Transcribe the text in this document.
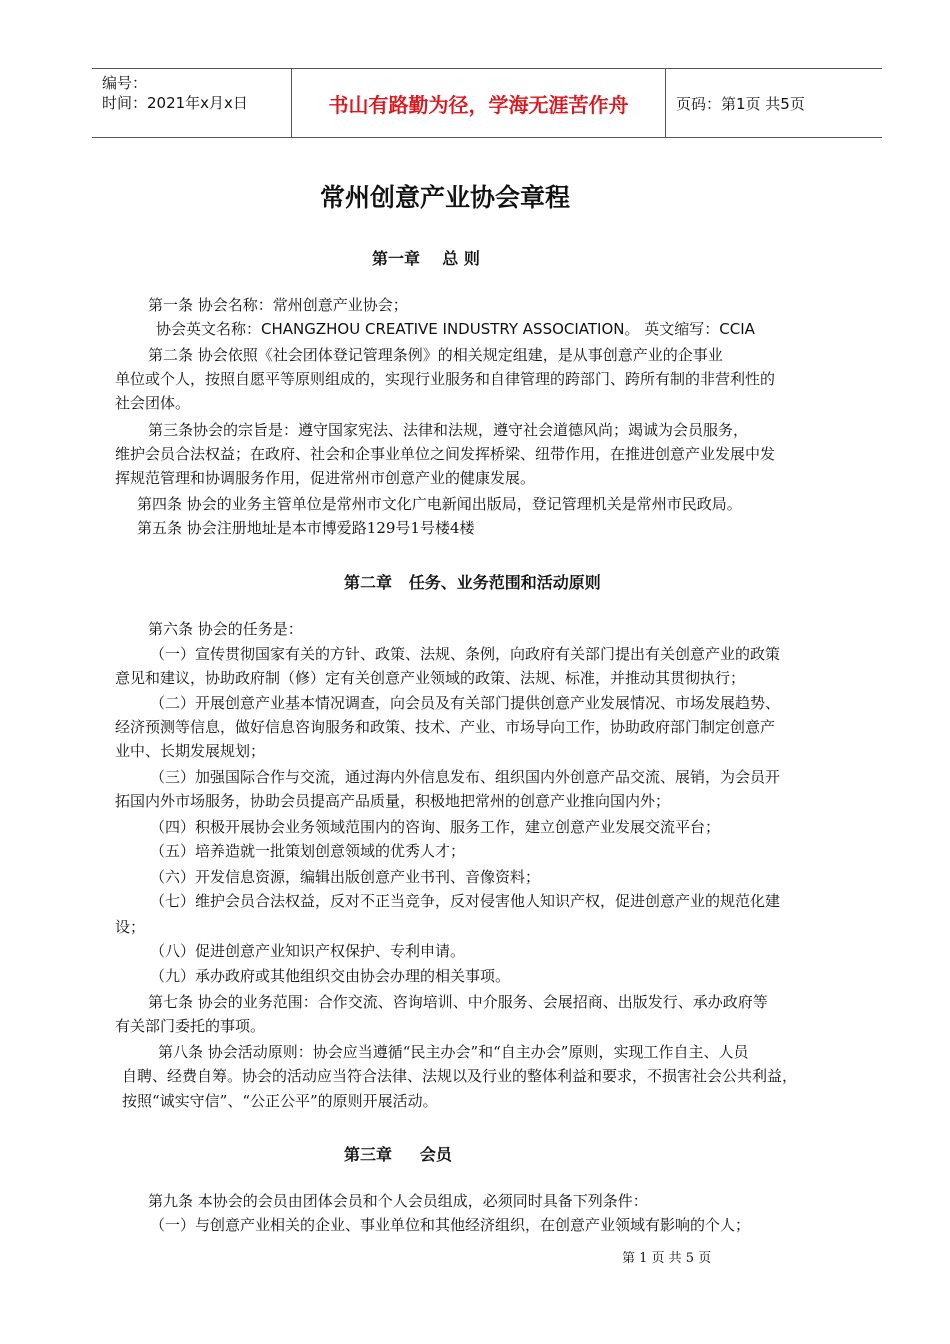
编号：
时间：2021年x月x日	书山有路勤为径，学海无涯苦作舟	页码：第1页 共5页
常州创意产业协会章程
第一章    总 则
第一条 协会名称：常州创意产业协会；
协会英文名称：CHANGZHOU CREATIVE INDUSTRY ASSOCIATION。 英文缩写：CCIA
第二条 协会依照《社会团体登记管理条例》的相关规定组建，是从事创意产业的企事业
单位或个人，按照自愿平等原则组成的，实现行业服务和自律管理的跨部门、跨所有制的非营利性的
社会团体。
第三条协会的宗旨是：遵守国家宪法、法律和法规，遵守社会道德风尚；竭诚为会员服务，
维护会员合法权益；在政府、社会和企事业单位之间发挥桥梁、纽带作用，在推进创意产业发展中发
挥规范管理和协调服务作用，促进常州市创意产业的健康发展。
第四条 协会的业务主管单位是常州市文化广电新闻出版局，登记管理机关是常州市民政局。
第五条 协会注册地址是本市博爱路129号1号楼4楼
第二章   任务、业务范围和活动原则
第六条 协会的任务是：
（一）宣传贯彻国家有关的方针、政策、法规、条例，向政府有关部门提出有关创意产业的政策
意见和建议，协助政府制（修）定有关创意产业领域的政策、法规、标准，并推动其贯彻执行；
（二）开展创意产业基本情况调查，向会员及有关部门提供创意产业发展情况、市场发展趋势、
经济预测等信息，做好信息咨询服务和政策、技术、产业、市场导向工作，协助政府部门制定创意产
业中、长期发展规划；
（三）加强国际合作与交流，通过海内外信息发布、组织国内外创意产品交流、展销，为会员开
拓国内外市场服务，协助会员提高产品质量，积极地把常州的创意产业推向国内外；
（四）积极开展协会业务领域范围内的咨询、服务工作，建立创意产业发展交流平台；
（五）培养造就一批策划创意领域的优秀人才；
（六）开发信息资源，编辑出版创意产业书刊、音像资料；
（七）维护会员合法权益，反对不正当竞争，反对侵害他人知识产权，促进创意产业的规范化建
设；
（八）促进创意产业知识产权保护、专利申请。
（九）承办政府或其他组织交由协会办理的相关事项。
第七条 协会的业务范围：合作交流、咨询培训、中介服务、会展招商、出版发行、承办政府等
有关部门委托的事项。
第八条 协会活动原则：协会应当遵循“民主办会”和“自主办会”原则，实现工作自主、人员
自聘、经费自筹。协会的活动应当符合法律、法规以及行业的整体利益和要求，不损害社会公共利益，
按照“诚实守信”、“公正公平”的原则开展活动。
第三章     会员
第九条 本协会的会员由团体会员和个人会员组成，必须同时具备下列条件：
（一）与创意产业相关的企业、事业单位和其他经济组织，在创意产业领域有影响的个人；
第 1 页 共 5 页
